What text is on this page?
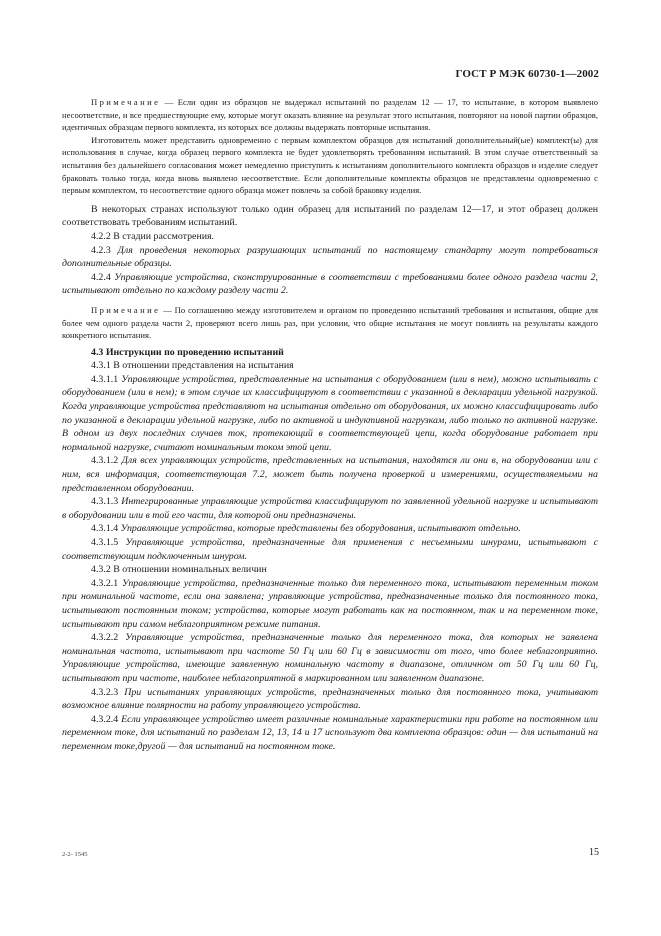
ГОСТ Р МЭК 60730-1—2002

Примечание — Если один из образцов не выдержал испытаний по разделам 12 — 17, то испытание, в котором выявлено несоответствие, и все предшествующие ему, которые могут оказать влияние на результат этого испытания, повторяют на новой партии образцов, идентичных образцам первого комплекта, из которых все должны выдержать повторные испытания.

Изготовитель может представить одновременно с первым комплектом образцов для испытаний дополнительный(ые) комплект(ы) для использования в случае, когда образец первого комплекта не будет удовлетворять требованиям испытаний. В этом случае ответственный за испытания без дальнейшего согласования может немедленно приступить к испытаниям дополнительного комплекта образцов и изделие следует браковать только тогда, когда вновь выявлено несоответствие. Если дополнительные комплекты образцов не представлены одновременно с первым комплектом, то несоответствие одного образца может повлечь за собой браковку изделия.

В некоторых странах используют только один образец для испытаний по разделам 12—17, и этот образец должен соответствовать требованиям испытаний.

4.2.2 В стадии рассмотрения.

4.2.3 Для проведения некоторых разрушающих испытаний по настоящему стандарту могут потребоваться дополнительные образцы.

4.2.4 Управляющие устройства, сконструированные в соответствии с требованиями более одного раздела части 2, испытывают отдельно по каждому разделу части 2.

Примечание — По соглашению между изготовителем и органом по проведению испытаний требования и испытания, общие для более чем одного раздела части 2, проверяют всего лишь раз, при условии, что общие испытания не могут повлиять на результаты каждого конкретного испытания.

4.3 Инструкции по проведению испытаний

4.3.1 В отношении представления на испытания

4.3.1.1 Управляющие устройства, представленные на испытания с оборудованием (или в нем), можно испытывать с оборудованием (или в нем); в этом случае их классифицируют в соответствии с указанной в декларации удельной нагрузкой. Когда управляющие устройства представляют на испытания отдельно от оборудования, их можно классифицировать либо по указанной в декларации удельной нагрузке, либо по активной и индуктивной нагрузкам, либо только по активной нагрузке. В одном из двух последних случаев ток, протекающий в соответствующей цепи, когда оборудование работает при нормальной нагрузке, считают номинальным током этой цепи.

4.3.1.2 Для всех управляющих устройств, представленных на испытания, находятся ли они в, на оборудовании или с ним, вся информация, соответствующая 7.2, может быть получена проверкой и измерениями, осуществляемыми на представленном оборудовании.

4.3.1.3 Интегрированные управляющие устройства классифицируют по заявленной удельной нагрузке и испытывают в оборудовании или в той его части, для которой они предназначены.

4.3.1.4 Управляющие устройства, которые представлены без оборудования, испытывают отдельно.

4.3.1.5 Управляющие устройства, предназначенные для применения с несъемными шнурами, испытывают с соответствующим подключенным шнуром.

4.3.2 В отношении номинальных величин

4.3.2.1 Управляющие устройства, предназначенные только для переменного тока, испытывают переменным током при номинальной частоте, если она заявлена; управляющие устройства, предназначенные только для постоянного тока, испытывают постоянным током; устройства, которые могут работать как на постоянном, так и на переменном токе, испытывают при самом неблагоприятном режиме питания.

4.3.2.2 Управляющие устройства, предназначенные только для переменного тока, для которых не заявлена номинальная частота, испытывают при частоте 50 Гц или 60 Гц в зависимости от того, что более неблагоприятно. Управляющие устройства, имеющие заявленную номинальную частоту в диапазоне, отличном от 50 Гц или 60 Гц, испытывают при частоте, наиболее неблагоприятной в маркированном или заявленном диапазоне.

4.3.2.3 При испытаниях управляющих устройств, предназначенных только для постоянного тока, учитывают возможное влияние полярности на работу управляющего устройства.

4.3.2.4 Если управляющее устройство имеет различные номинальные характеристики при работе на постоянном или переменном токе, для испытаний по разделам 12, 13, 14 и 17 используют два комплекта образцов: один — для испытаний на переменном токе,другой — для испытаний на постоянном токе.

2-2- 1545	15
